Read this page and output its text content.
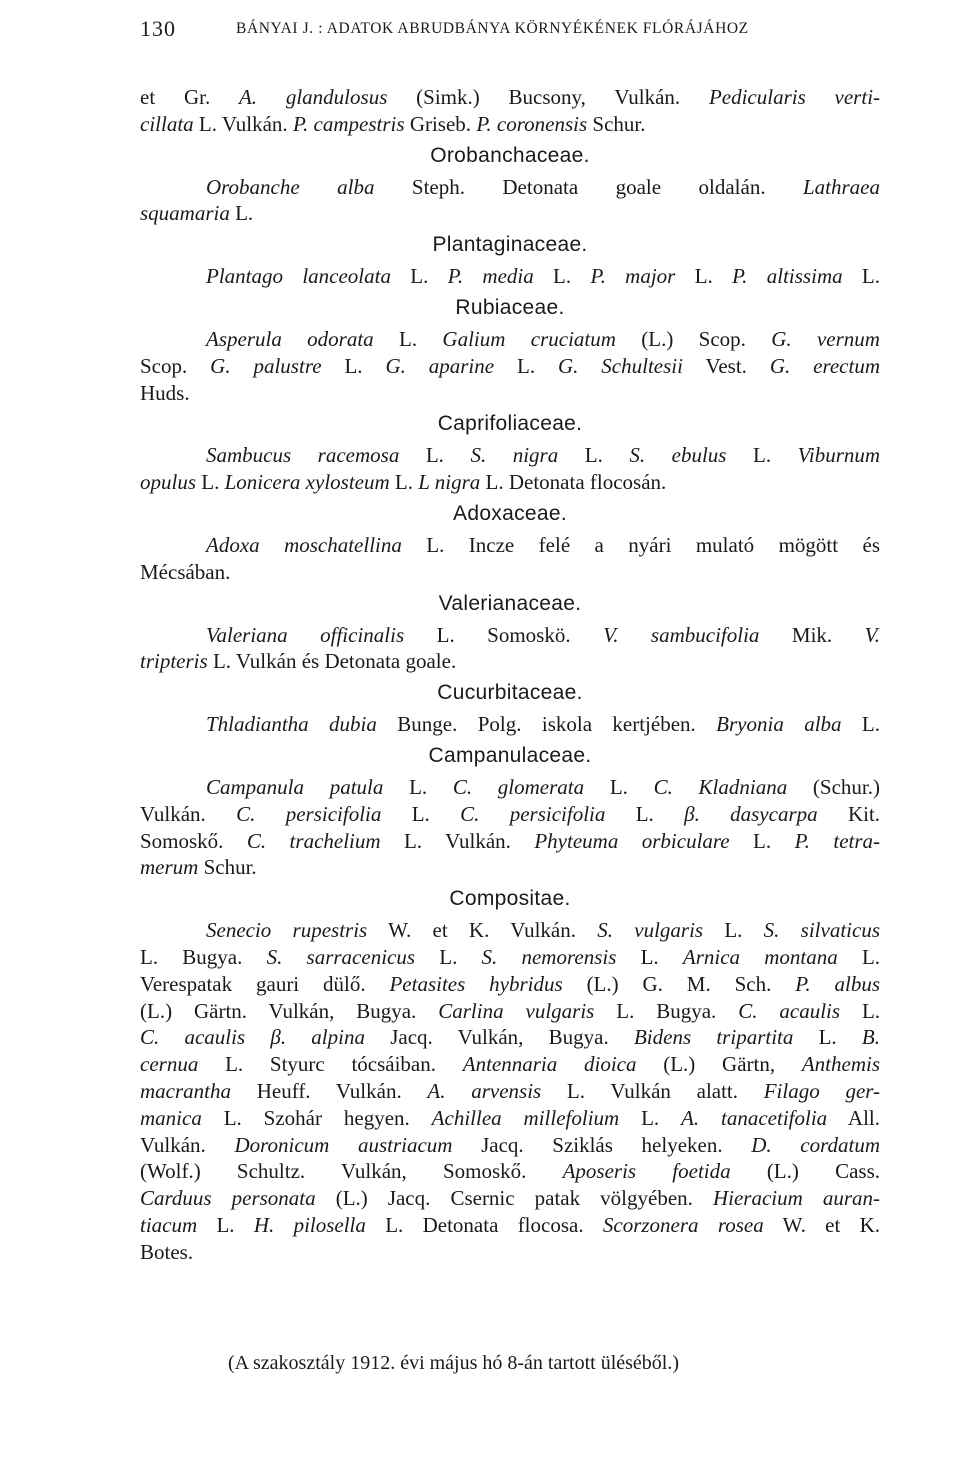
130	BÁNYAI J. : ADATOK ABRUDBÁNYA KÖRNYÉKÉNEK FLÓRÁJÁHOZ
et Gr. A. glandulosus (Simk.) Bucsony, Vulkán. Pedicularis verti-
cillata L. Vulkán. P. campestris Griseb. P. coronensis Schur.
Orobanchaceae.
Orobanche alba Steph. Detonata goale oldalán. Lathraea
squamaria L.
Plantaginaceae.
Plantago lanceolata L. P. media L. P. major L. P. altissima L.
Rubiaceae.
Asperula odorata L. Galium cruciatum (L.) Scop. G. vernum
Scop. G. palustre L. G. aparine L. G. Schultesii Vest. G. erectum
Huds.
Caprifoliaceae.
Sambucus racemosa L. S. nigra L. S. ebulus L. Viburnum
opulus L. Lonicera xylosteum L. L nigra L. Detonata flocosán.
Adoxaceae.
Adoxa moschatellina L. Incze felé a nyári mulató mögött és
Mécsában.
Valerianaceae.
Valeriana officinalis L. Somoskö. V. sambucifolia Mik. V.
tripteris L. Vulkán és Detonata goale.
Cucurbitaceae.
Thladiantha dubia Bunge. Polg. iskola kertjében. Bryonia alba L.
Campanulaceae.
Campanula patula L. C. glomerata L. C. Kladniana (Schur.)
Vulkán. C. persicifolia L. C. persicifolia L. β. dasycarpa Kit.
Somoskő. C. trachelium L. Vulkán. Phyteuma orbiculare L. P. tetra-
merum Schur.
Compositae.
Senecio rupestris W. et K. Vulkán. S. vulgaris L. S. silvaticus
L. Bugya. S. sarracenicus L. S. nemorensis L. Arnica montana L.
Verespatak gauri dülő. Petasites hybridus (L.) G. M. Sch. P. albus
(L.) Gärtn. Vulkán, Bugya. Carlina vulgaris L. Bugya. C. acaulis L.
C. acaulis β. alpina Jacq. Vulkán, Bugya. Bidens tripartita L. B.
cernua L. Styurc tócsáiban. Antennaria dioica (L.) Gärtn, Anthemis
macrantha Heuff. Vulkán. A. arvensis L. Vulkán alatt. Filago ger-
manica L. Szohár hegyen. Achillea millefolium L. A. tanacetifolia All.
Vulkán. Doronicum austriacum Jacq. Sziklás helyeken. D. cordatum
(Wolf.) Schultz. Vulkán, Somoskő. Aposeris foetida (L.) Cass.
Carduus personata (L.) Jacq. Csernic patak völgyében. Hieracium auran-
tiacum L. H. pilosella L. Detonata flocosa. Scorzonera rosea W. et K.
Botes.
(A szakosztály 1912. évi május hó 8-án tartott üléséből.)
